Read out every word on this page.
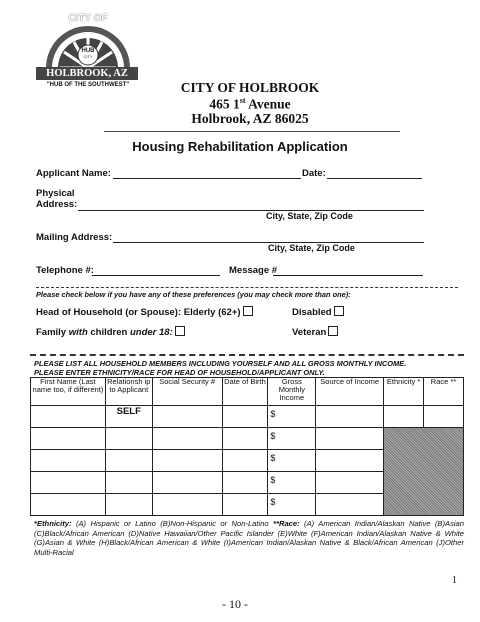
CITY OF
HUB
CITY
HOLBROOK, AZ
"HUB OF THE SOUTHWEST"	CITY OF HOLBROOK
465 1st Avenue
Holbrook, AZ 86025
Housing Rehabilitation Application
Applicant Name:	Date:
Physical
Address:
City, State, Zip Code
Mailing Address:
City, State, Zip Code
Telephone #:	Message #
Please check below if you have any of these preferences (you may check more than one):
Head of Household (or Spouse): Elderly (62+)	Disabled
Family with children under 18:	Veteran
PLEASE LIST ALL HOUSEHOLD MEMBERS INCLUDING YOURSELF AND ALL GROSS MONTHLY INCOME.
PLEASE ENTER ETHNICITY/RACE FOR HEAD OF HOUSEHOLD/APPLICANT ONLY.
First Name (Last name too, if different)	Relationsh ip to Applicant	Social Security #	Date of Birth	Gross Monthly Income	Source of Income	Ethnicity *	Race **

	SELF			$			
				$			
				$			
				$			
				$			
*Ethnicity: (A) Hispanic or Latino (B)Non-Hispanic or Non-Latino **Race: (A) American Indian/Alaskan Native (B)Asian (C)Black/African American (D)Native Hawaiian/Other Pacific Islander (E)White (F)American Indian/Alaskan Native & White (G)Asian & White (H)Black/African American & White (I)American Indian/Alaskan Native & Black/African American (J)Other Multi-Racial
1
- 10 -
